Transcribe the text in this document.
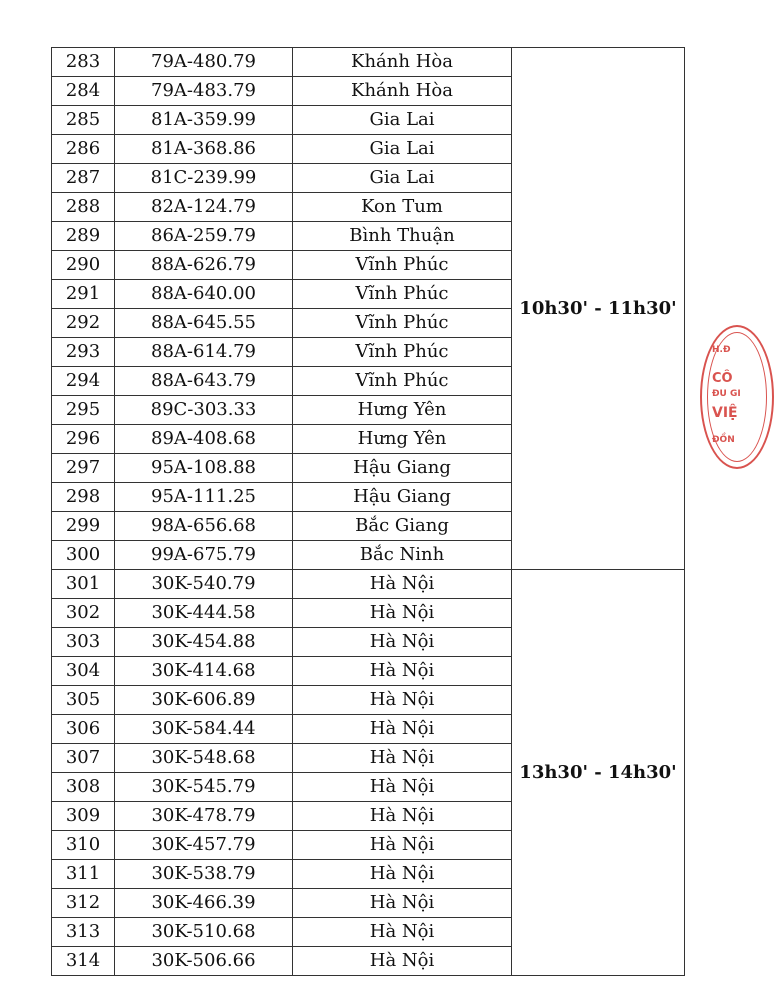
283	79A-480.79	Khánh Hòa	10h30' - 11h30'
284	79A-483.79	Khánh Hòa	
285	81A-359.99	Gia Lai	
286	81A-368.86	Gia Lai	
287	81C-239.99	Gia Lai	
288	82A-124.79	Kon Tum	
289	86A-259.79	Bình Thuận	
290	88A-626.79	Vĩnh Phúc	
291	88A-640.00	Vĩnh Phúc	
292	88A-645.55	Vĩnh Phúc	
293	88A-614.79	Vĩnh Phúc	
294	88A-643.79	Vĩnh Phúc	
295	89C-303.33	Hưng Yên	
296	89A-408.68	Hưng Yên	
297	95A-108.88	Hậu Giang	
298	95A-111.25	Hậu Giang	
299	98A-656.68	Bắc Giang	
300	99A-675.79	Bắc Ninh	
301	30K-540.79	Hà Nội	13h30' - 14h30'
302	30K-444.58	Hà Nội	
303	30K-454.88	Hà Nội	
304	30K-414.68	Hà Nội	
305	30K-606.89	Hà Nội	
306	30K-584.44	Hà Nội	
307	30K-548.68	Hà Nội	
308	30K-545.79	Hà Nội	
309	30K-478.79	Hà Nội	
310	30K-457.79	Hà Nội	
311	30K-538.79	Hà Nội	
312	30K-466.39	Hà Nội	
313	30K-510.68	Hà Nội	
314	30K-506.66	Hà Nội	
H.Đ
CÔ
ĐU GI
VIỆ
ĐỒN
